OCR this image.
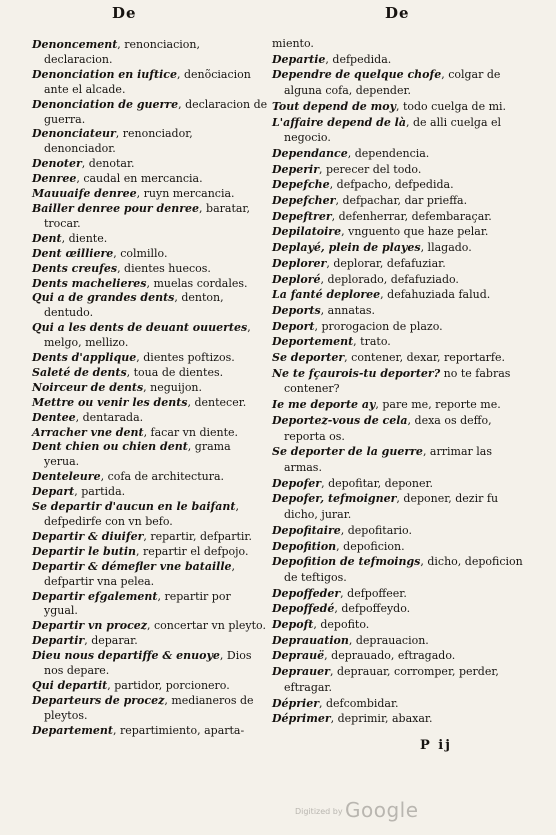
De	De

Denoncement, renonciacion, declaracion.

Denonciation en iuftice, denõciacion ante el alcade.

Denonciation de guerre, declaracion de guerra.

Denonciateur, renonciador, denonciador.

Denoter, denotar.

Denree, caudal en mercancia.

Mauuaife denree, ruyn mercancia.

Bailler denree pour denree, baratar, trocar.

Dent, diente.

Dent œilliere, colmillo.

Dents creufes, dientes huecos.

Dents machelieres, muelas cordales.

Qui a de grandes dents, denton, dentudo.

Qui a les dents de deuant ouuertes, melgo, mellizo.

Dents d'applique, dientes poftizos.

Saleté de dents, toua de dientes.

Noirceur de dents, neguijon.

Mettre ou venir les dents, dentecer.

Dentee, dentarada.

Arracher vne dent, facar vn diente.

Dent chien ou chien dent, grama yerua.

Denteleure, cofa de architectura.

Depart, partida.

Se departir d'aucun en le baifant, defpedirfe con vn befo.

Departir & diuifer, repartir, defpartir.

Departir le butin, repartir el defpojo.

Departir & démefler vne bataille, defpartir vna pelea.

Departir efgalement, repartir por ygual.

Departir vn procez, concertar vn pleyto.

Departir, deparar.

Dieu nous departiffe & enuoye, Dios nos depare.

Qui departit, partidor, porcionero.

Departeurs de procez, medianeros de pleytos.

Departement, repartimiento, aparta-

miento.

Departie, defpedida.

Dependre de quelque chofe, colgar de alguna cofa, depender.

Tout depend de moy, todo cuelga de mi.

L'affaire depend de là, de alli cuelga el negocio.

Dependance, dependencia.

Deperir, perecer del todo.

Depefche, defpacho, defpedida.

Depefcher, defpachar, dar prieffa.

Depeftrer, defenherrar, defembaraçar.

Depilatoire, vnguento que haze pelar.

Deplayé, plein de playes, llagado.

Deplorer, deplorar, defafuziar.

Deploré, deplorado, defafuziado.

La fanté deploree, defahuziada falud.

Deports, annatas.

Deport, prorogacion de plazo.

Deportement, trato.

Se deporter, contener, dexar, reportarfe.

Ne te fçaurois-tu deporter? no te fabras contener?

Ie me deporte ay, pare me, reporte me.

Deportez-vous de cela, dexa os deffo, reporta os.

Se deporter de la guerre, arrimar las armas.

Depofer, depofitar, deponer.

Depofer, tefmoigner, deponer, dezir fu dicho, jurar.

Depofitaire, depofitario.

Depofition, depoficion.

Depofition de tefmoings, dicho, depoficion de teftigos.

Depoffeder, defpoffeer.

Depoffedé, defpoffeydo.

Depoft, depofito.

Deprauation, deprauacion.

Deprauë, deprauado, eftragado.

Deprauer, deprauar, corromper, perder, eftragar.

Déprier, defcombidar.

Déprimer, deprimir, abaxar.

P ij
Digitized by Google
